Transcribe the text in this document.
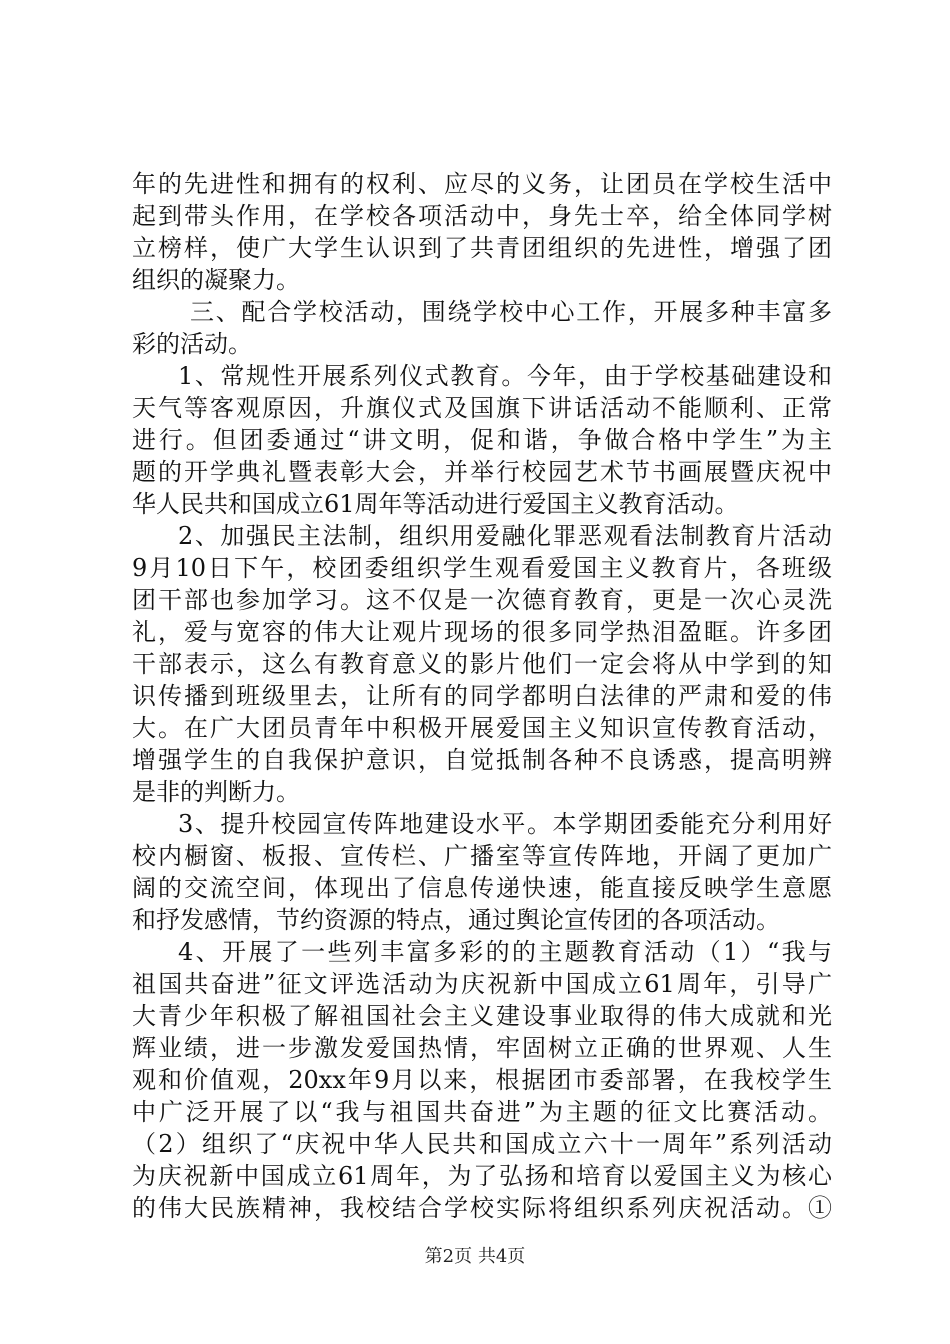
年的先进性和拥有的权利、应尽的义务，让团员在学校生活中
起到带头作用，在学校各项活动中，身先士卒，给全体同学树
立榜样，使广大学生认识到了共青团组织的先进性，增强了团
组织的凝聚力。
三、配合学校活动，围绕学校中心工作，开展多种丰富多
彩的活动。
1、常规性开展系列仪式教育。今年，由于学校基础建设和
天气等客观原因，升旗仪式及国旗下讲话活动不能顺利、正常
进行。但团委通过“讲文明，促和谐，争做合格中学生”为主
题的开学典礼暨表彰大会，并举行校园艺术节书画展暨庆祝中
华人民共和国成立61周年等活动进行爱国主义教育活动。
2、加强民主法制，组织用爱融化罪恶观看法制教育片活动
9月10日下午，校团委组织学生观看爱国主义教育片，各班级
团干部也参加学习。这不仅是一次德育教育，更是一次心灵洗
礼，爱与宽容的伟大让观片现场的很多同学热泪盈眶。许多团
干部表示，这么有教育意义的影片他们一定会将从中学到的知
识传播到班级里去，让所有的同学都明白法律的严肃和爱的伟
大。在广大团员青年中积极开展爱国主义知识宣传教育活动，
增强学生的自我保护意识，自觉抵制各种不良诱惑，提高明辨
是非的判断力。
3、提升校园宣传阵地建设水平。本学期团委能充分利用好
校内橱窗、板报、宣传栏、广播室等宣传阵地，开阔了更加广
阔的交流空间，体现出了信息传递快速，能直接反映学生意愿
和抒发感情，节约资源的特点，通过舆论宣传团的各项活动。
4、开展了一些列丰富多彩的的主题教育活动（1）“我与
祖国共奋进”征文评选活动为庆祝新中国成立61周年，引导广
大青少年积极了解祖国社会主义建设事业取得的伟大成就和光
辉业绩，进一步激发爱国热情，牢固树立正确的世界观、人生
观和价值观，20xx年9月以来，根据团市委部署，在我校学生
中广泛开展了以“我与祖国共奋进”为主题的征文比赛活动。
（2）组织了“庆祝中华人民共和国成立六十一周年”系列活动
为庆祝新中国成立61周年，为了弘扬和培育以爱国主义为核心
的伟大民族精神，我校结合学校实际将组织系列庆祝活动。①
第2页 共4页
